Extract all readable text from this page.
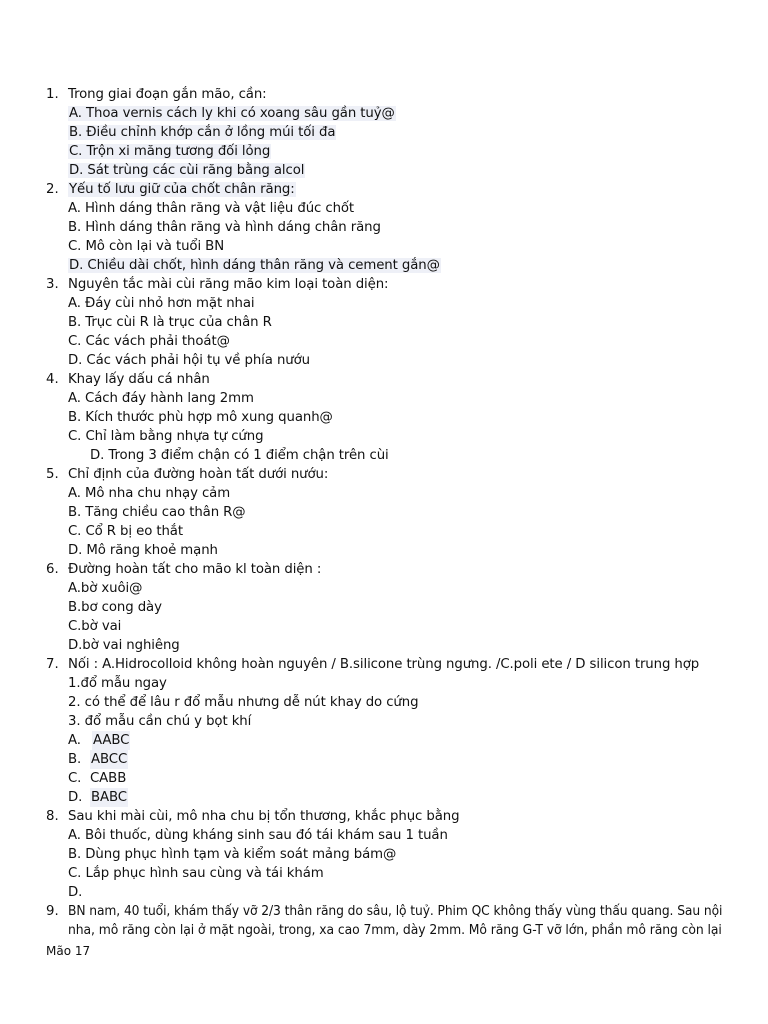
1. Trong giai đoạn gắn mão, cần:
A. Thoa vernis cách ly khi có xoang sâu gần tuỷ@
B. Điều chỉnh khớp cắn ở lồng múi tối đa
C. Trộn xi măng tương đối lỏng
D. Sát trùng các cùi răng bằng alcol
2. Yếu tố lưu giữ của chốt chân răng:
A. Hình dáng thân răng và vật liệu đúc chốt
B. Hình dáng thân răng và hình dáng chân răng
C. Mô còn lại và tuổi BN
D. Chiều dài chốt, hình dáng thân răng và cement gắn@
3. Nguyên tắc mài cùi răng mão kim loại toàn diện:
A. Đáy cùi nhỏ hơn mặt nhai
B. Trục cùi R là trục của chân R
C. Các vách phải thoát@
D. Các vách phải hội tụ về phía nướu
4. Khay lấy dấu cá nhân
A. Cách đáy hành lang 2mm
B. Kích thước phù hợp mô xung quanh@
C. Chỉ làm bằng nhựa tự cứng
D. Trong 3 điểm chận có 1 điểm chận trên cùi
5. Chỉ định của đường hoàn tất dưới nướu:
A. Mô nha chu nhạy cảm
B. Tăng chiều cao thân R@
C. Cổ R bị eo thắt
D. Mô răng khoẻ mạnh
6. Đường hoàn tất cho mão kl toàn diện :
A.bờ xuôi@
B.bơ cong dày
C.bờ vai
D.bờ vai nghiêng
7. Nối : A.Hidrocolloid không hoàn nguyên / B.silicone trùng ngưng. /C.poli ete / D silicon trung hợp
1.đổ mẫu ngay
2. có thể để lâu r đổ mẫu nhưng dễ nút khay do cứng
3. đổ mẫu cần chú y bọt khí
A. AABC
B. ABCC
C. CABB
D. BABC
8. Sau khi mài cùi, mô nha chu bị tổn thương, khắc phục bằng
A. Bôi thuốc, dùng kháng sinh sau đó tái khám sau 1 tuần
B. Dùng phục hình tạm và kiểm soát mảng bám@
C. Lắp phục hình sau cùng và tái khám
D.
9. BN nam, 40 tuổi, khám thấy vỡ 2/3 thân răng do sâu, lộ tuỷ. Phim QC không thấy vùng thấu quang. Sau nội
nha, mô răng còn lại ở mặt ngoài, trong, xa cao 7mm, dày 2mm. Mô răng G-T vỡ lớn, phần mô răng còn lại
Mão 17
